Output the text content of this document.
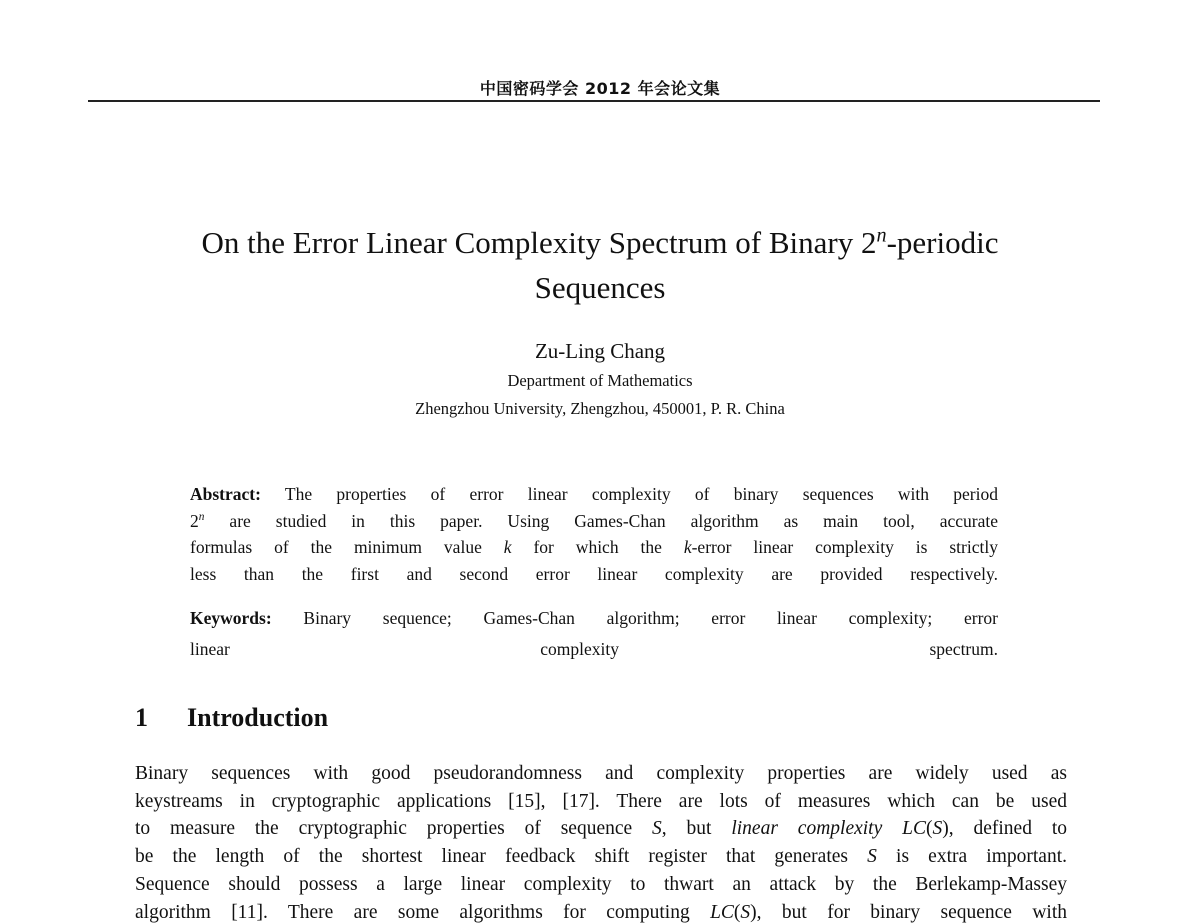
中国密码学会 2012 年会论文集
On the Error Linear Complexity Spectrum of Binary 2$^n$-periodic
Sequences
Zu-Ling Chang
Department of Mathematics
Zhengzhou University, Zhengzhou, 450001, P. R. China
Abstract: The properties of error linear complexity of binary sequences with period
2$^n$ are studied in this paper. Using Games-Chan algorithm as main tool, accurate
formulas of the minimum value k for which the k-error linear complexity is strictly
less than the first and second error linear complexity are provided respectively.
Keywords: Binary sequence; Games-Chan algorithm; error linear complexity; error
linear complexity spectrum.
1 Introduction
Binary sequences with good pseudorandomness and complexity properties are widely used as
keystreams in cryptographic applications [15], [17]. There are lots of measures which can be used
to measure the cryptographic properties of sequence S, but linear complexity LC(S), defined to
be the length of the shortest linear feedback shift register that generates S is extra important.
Sequence should possess a large linear complexity to thwart an attack by the Berlekamp-Massey
algorithm [11]. There are some algorithms for computing LC(S), but for binary sequence with
